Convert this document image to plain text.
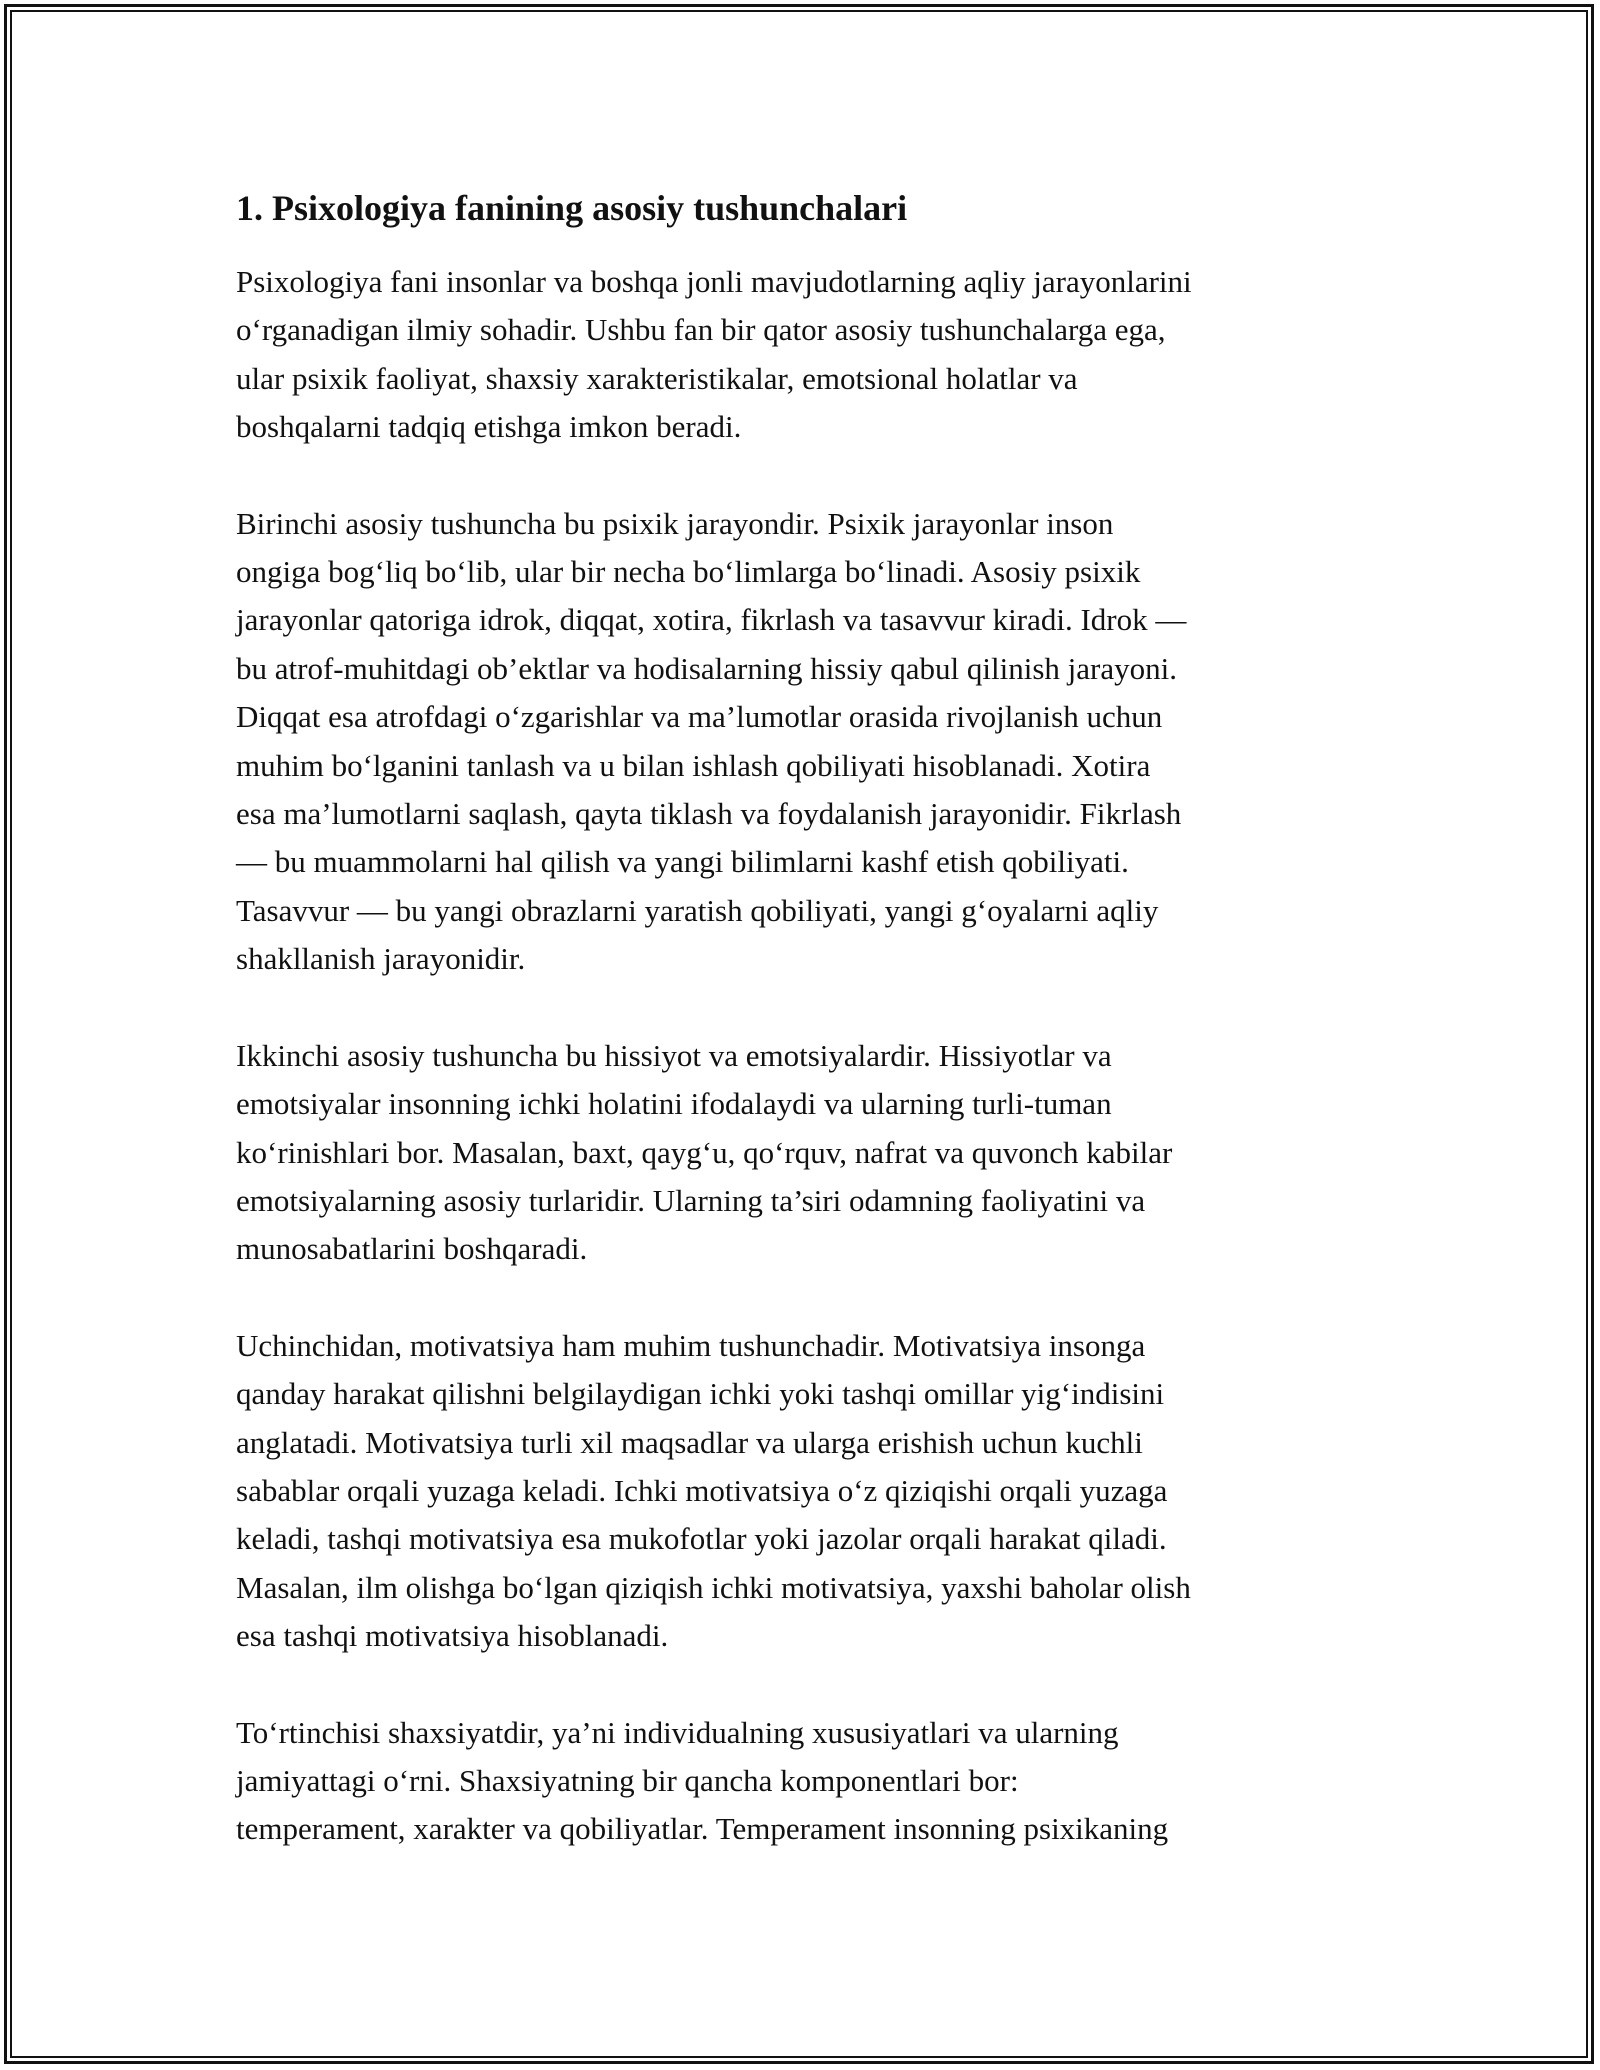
1. Psixologiya fanining asosiy tushunchalari

Psixologiya fani insonlar va boshqa jonli mavjudotlarning aqliy jarayonlarini
o‘rganadigan ilmiy sohadir. Ushbu fan bir qator asosiy tushunchalarga ega,
ular psixik faoliyat, shaxsiy xarakteristikalar, emotsional holatlar va
boshqalarni tadqiq etishga imkon beradi.

Birinchi asosiy tushuncha bu psixik jarayondir. Psixik jarayonlar inson
ongiga bog‘liq bo‘lib, ular bir necha bo‘limlarga bo‘linadi. Asosiy psixik
jarayonlar qatoriga idrok, diqqat, xotira, fikrlash va tasavvur kiradi. Idrok —
bu atrof-muhitdagi ob’ektlar va hodisalarning hissiy qabul qilinish jarayoni.
Diqqat esa atrofdagi o‘zgarishlar va ma’lumotlar orasida rivojlanish uchun
muhim bo‘lganini tanlash va u bilan ishlash qobiliyati hisoblanadi. Xotira
esa ma’lumotlarni saqlash, qayta tiklash va foydalanish jarayonidir. Fikrlash
— bu muammolarni hal qilish va yangi bilimlarni kashf etish qobiliyati.
Tasavvur — bu yangi obrazlarni yaratish qobiliyati, yangi g‘oyalarni aqliy
shakllanish jarayonidir.

Ikkinchi asosiy tushuncha bu hissiyot va emotsiyalardir. Hissiyotlar va
emotsiyalar insonning ichki holatini ifodalaydi va ularning turli-tuman
ko‘rinishlari bor. Masalan, baxt, qayg‘u, qo‘rquv, nafrat va quvonch kabilar
emotsiyalarning asosiy turlaridir. Ularning ta’siri odamning faoliyatini va
munosabatlarini boshqaradi.

Uchinchidan, motivatsiya ham muhim tushunchadir. Motivatsiya insonga
qanday harakat qilishni belgilaydigan ichki yoki tashqi omillar yig‘indisini
anglatadi. Motivatsiya turli xil maqsadlar va ularga erishish uchun kuchli
sabablar orqali yuzaga keladi. Ichki motivatsiya o‘z qiziqishi orqali yuzaga
keladi, tashqi motivatsiya esa mukofotlar yoki jazolar orqali harakat qiladi.
Masalan, ilm olishga bo‘lgan qiziqish ichki motivatsiya, yaxshi baholar olish
esa tashqi motivatsiya hisoblanadi.

To‘rtinchisi shaxsiyatdir, ya’ni individualning xususiyatlari va ularning
jamiyattagi o‘rni. Shaxsiyatning bir qancha komponentlari bor:
temperament, xarakter va qobiliyatlar. Temperament insonning psixikaning
